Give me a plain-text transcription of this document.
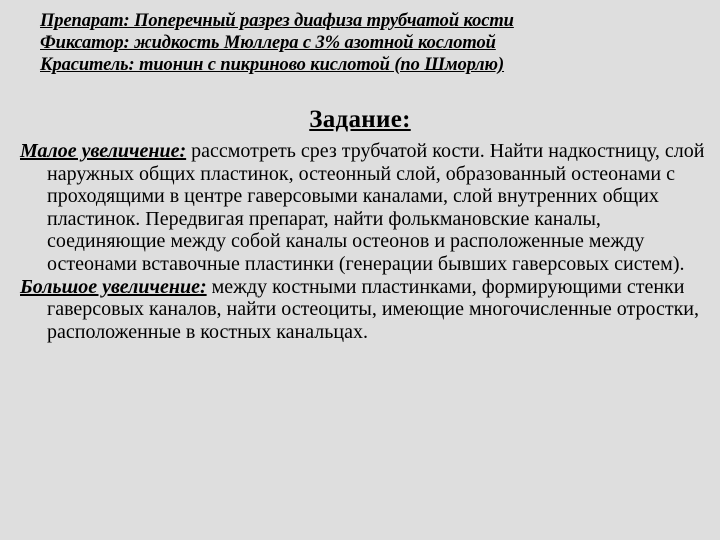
Препарат: Поперечный разрез диафиза трубчатой кости
Фиксатор: жидкость Мюллера с 3% азотной кослотой
Краситель: тионин с пикриново кислотой (по Шморлю)
Задание:

Малое увеличение: рассмотреть срез трубчатой кости. Найти надкостницу, слой наружных общих пластинок, остеонный слой, образованный остеонами с проходящими в центре гаверсовыми каналами, слой внутренних общих пластинок. Передвигая препарат, найти фолькмановские каналы, соединяющие между собой каналы остеонов и расположенные между остеонами вставочные пластинки (генерации бывших гаверсовых систем).

Большое увеличение: между костными пластинками, формирующими стенки гаверсовых каналов, найти остеоциты, имеющие многочисленные отростки, расположенные в костных канальцах.
